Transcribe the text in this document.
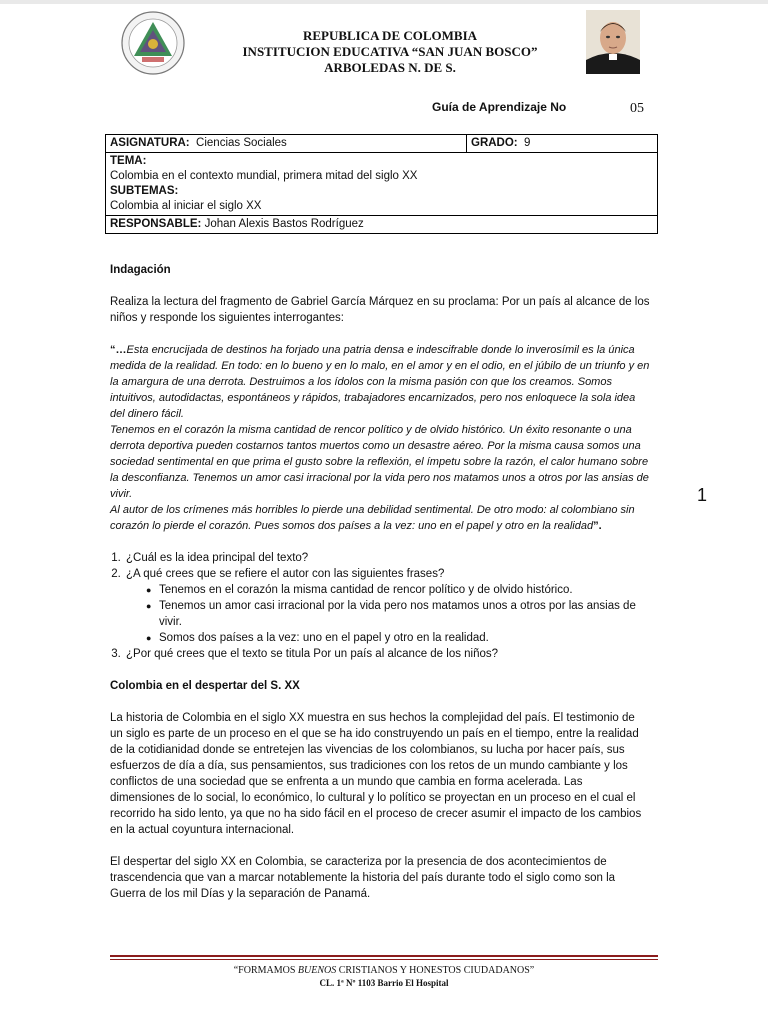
REPUBLICA DE COLOMBIA
INSTITUCION EDUCATIVA “SAN JUAN BOSCO”
ARBOLEDAS N. DE S.
Guía de Aprendizaje No	05
ASIGNATURA: Ciencias Sociales	GRADO: 9

TEMA:
Colombia en el contexto mundial, primera mitad del siglo XX
SUBTEMAS:
Colombia al iniciar el siglo XX

RESPONSABLE: Johan Alexis Bastos Rodríguez

Indagación

Realiza la lectura del fragmento de Gabriel García Márquez en su proclama: Por un país al alcance de los niños y responde los siguientes interrogantes:

“…Esta encrucijada de destinos ha forjado una patria densa e indescifrable donde lo inverosímil es la única medida de la realidad. En todo: en lo bueno y en lo malo, en el amor y en el odio, en el júbilo de un triunfo y en la amargura de una derrota. Destruimos a los ídolos con la misma pasión con que los creamos. Somos intuitivos, autodidactas, espontáneos y rápidos, trabajadores encarnizados, pero nos enloquece la sola idea del dinero fácil.

Tenemos en el corazón la misma cantidad de rencor político y de olvido histórico. Un éxito resonante o una derrota deportiva pueden costarnos tantos muertos como un desastre aéreo. Por la misma causa somos una sociedad sentimental en que prima el gusto sobre la reflexión, el ímpetu sobre la razón, el calor humano sobre la desconfianza. Tenemos un amor casi irracional por la vida pero nos matamos unos a otros por las ansias de vivir.

Al autor de los crímenes más horribles lo pierde una debilidad sentimental. De otro modo: al colombiano sin corazón lo pierde el corazón. Pues somos dos países a la vez: uno en el papel y otro en la realidad”.

1. ¿Cuál es la idea principal del texto?
2. ¿A qué crees que se refiere el autor con las siguientes frases?
● Tenemos en el corazón la misma cantidad de rencor político y de olvido histórico.
● Tenemos un amor casi irracional por la vida pero nos matamos unos a otros por las ansias de vivir.
● Somos dos países a la vez: uno en el papel y otro en la realidad.
3. ¿Por qué crees que el texto se titula Por un país al alcance de los niños?

Colombia en el despertar del S. XX

La historia de Colombia en el siglo XX muestra en sus hechos la complejidad del país. El testimonio de un siglo es parte de un proceso en el que se ha ido construyendo un país en el tiempo, entre la realidad de la cotidianidad donde se entretejen las vivencias de los colombianos, su lucha por hacer país, sus esfuerzos de día a día, sus pensamientos, sus tradiciones con los retos de un mundo cambiante y los conflictos de una sociedad que se enfrenta a un mundo que cambia en forma acelerada. Las dimensiones de lo social, lo económico, lo cultural y lo político se proyectan en un proceso en el cual el recorrido ha sido lento, ya que no ha sido fácil en el proceso de crecer asumir el impacto de los cambios en la actual coyuntura internacional.

El despertar del siglo XX en Colombia, se caracteriza por la presencia de dos acontecimientos de trascendencia que van a marcar notablemente la historia del país durante todo el siglo como son la Guerra de los mil Días y la separación de Panamá.

1
“FORMAMOS BUENOS CRISTIANOS Y HONESTOS CIUDADANOS”
CL. 1ª Nº 1103 Barrio El Hospital
